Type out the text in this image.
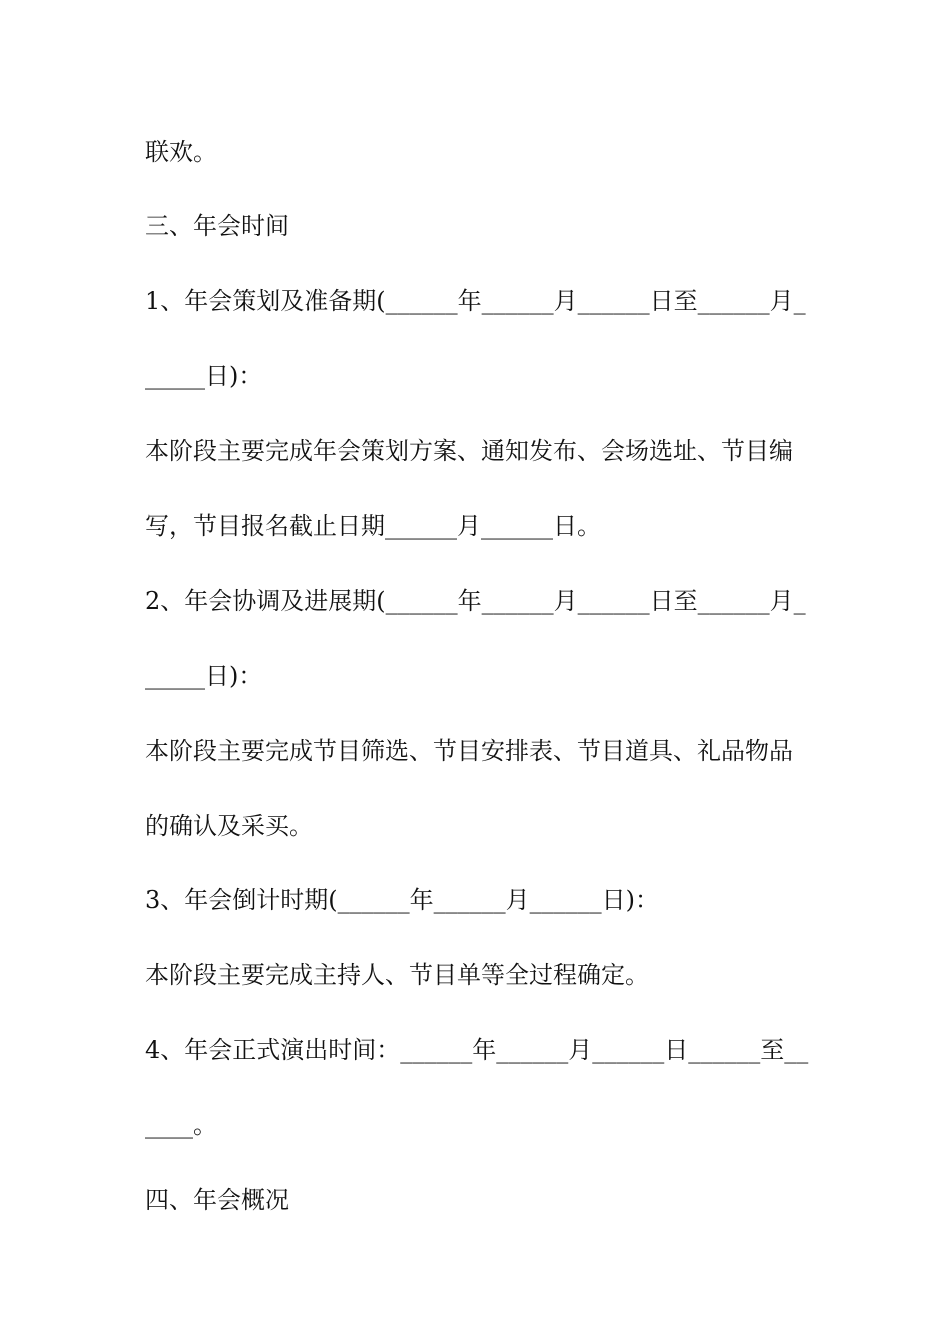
联欢。
三、年会时间
1、年会策划及准备期(______年______月______日至______月_
_____日)：
本阶段主要完成年会策划方案、通知发布、会场选址、节目编
写，节目报名截止日期______月______日。
2、年会协调及进展期(______年______月______日至______月_
_____日)：
本阶段主要完成节目筛选、节目安排表、节目道具、礼品物品
的确认及采买。
3、年会倒计时期(______年______月______日)：
本阶段主要完成主持人、节目单等全过程确定。
4、年会正式演出时间：______年______月______日______至__
____。
四、年会概况
